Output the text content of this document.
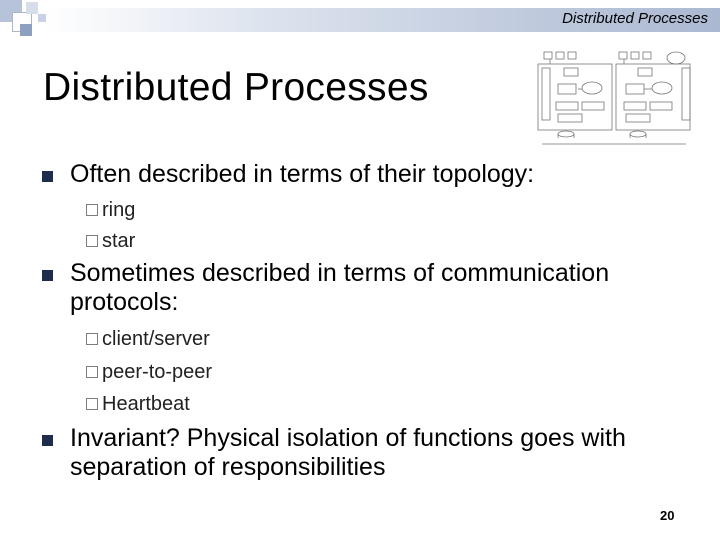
Distributed Processes
Distributed Processes
Often described in terms of their topology:
ring
star
Sometimes described in terms of communication protocols:
client/server
peer-to-peer
Heartbeat
Invariant? Physical isolation of functions goes with separation of responsibilities
20
